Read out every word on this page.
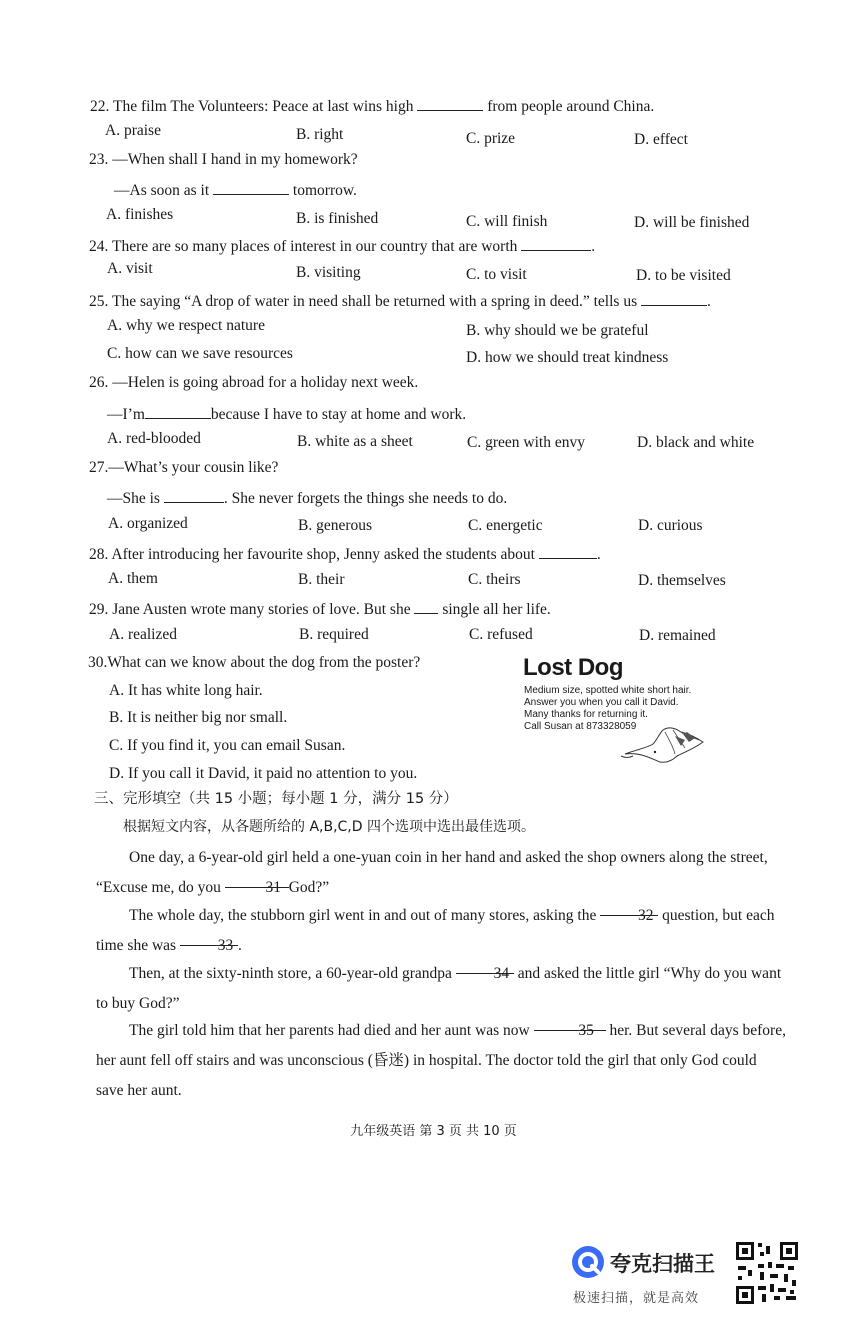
22. The film The Volunteers: Peace at last wins high	from people around China.
A. praise	B. right	C. prize	D. effect
23. —When shall I hand in my homework?
—As soon as it	tomorrow.
A. finishes	B. is finished	C. will finish	D. will be finished
24. There are so many places of interest in our country that are worth	.
A. visit	B. visiting	C. to visit	D. to be visited
25. The saying “A drop of water in need shall be returned with a spring in deed.” tells us	.
A. why we respect nature	B. why should we be grateful
C. how can we save resources	D. how we should treat kindness
26. —Helen is going abroad for a holiday next week.
—I’m	because I have to stay at home and work.
A. red-blooded	B. white as a sheet	C. green with envy	D. black and white
27.—What’s your cousin like?
—She is	. She never forgets the things she needs to do.
A. organized	B. generous	C. energetic	D. curious
28. After introducing her favourite shop, Jenny asked the students about	.
A. them	B. their	C. theirs	D. themselves
29. Jane Austen wrote many stories of love. But she single all her life.
A. realized	B. required	C. refused	D. remained
30.What can we know about the dog from the poster?
A. It has white long hair.
B. It is neither big nor small.
C. If you find it, you can email Susan.
D. If you call it David, it paid no attention to you.
Lost Dog
Medium size, spotted white short hair.
Answer you when you call it David.
Many thanks for returning it.
Call Susan at 873328059
三、完形填空（共 15 小题；每小题 1 分，满分 15 分）
根据短文内容，从各题所给的 A,B,C,D 四个选项中选出最佳选项。
One day, a 6-year-old girl held a one-yuan coin in her hand and asked the shop owners along the street, “Excuse me, do you	31 God?”
The whole day, the stubborn girl went in and out of many stores, asking the	32 question, but each time she was	33 .
Then, at the sixty-ninth store, a 60-year-old grandpa	34 and asked the little girl “Why do you want to buy God?”
The girl told him that her parents had died and her aunt was now	35 her. But several days before, her aunt fell off stairs and was unconscious (昏迷) in hospital. The doctor told the girl that only God could save her aunt.
九年级英语 第 3 页 共 10 页
夸克扫描王
极速扫描，就是高效
